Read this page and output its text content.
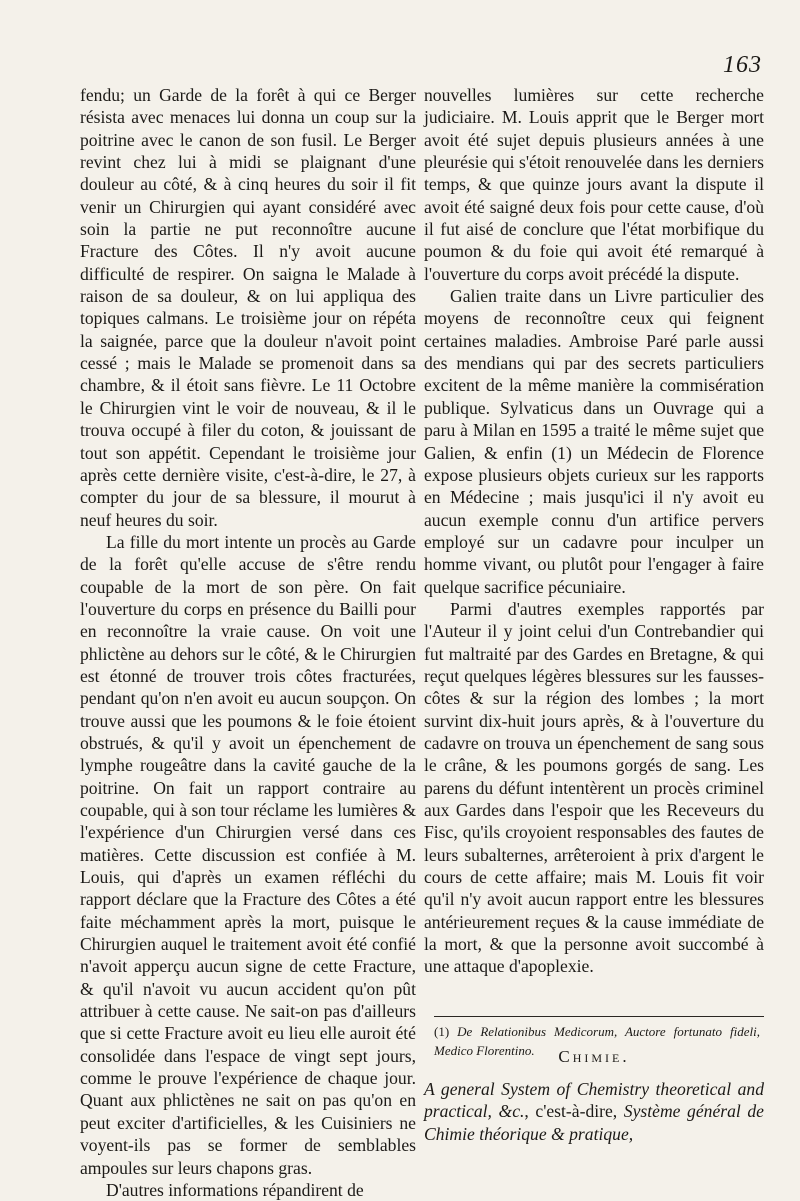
163

fendu; un Garde de la forêt à qui ce Berger résista avec menaces lui donna un coup sur la poitrine avec le canon de son fusil. Le Berger revint chez lui à midi se plaignant d'une douleur au côté, & à cinq heures du soir il fit venir un Chirurgien qui ayant considéré avec soin la partie ne put reconnoître aucune Fracture des Côtes. Il n'y avoit aucune difficulté de respirer. On saigna le Malade à raison de sa douleur, & on lui appliqua des topiques calmans. Le troisième jour on répéta la saignée, parce que la douleur n'avoit point cessé ; mais le Malade se promenoit dans sa chambre, & il étoit sans fièvre. Le 11 Octobre le Chirurgien vint le voir de nouveau, & il le trouva occupé à filer du coton, & jouissant de tout son appétit. Cependant le troisième jour après cette dernière visite, c'est-à-dire, le 27, à compter du jour de sa blessure, il mourut à neuf heures du soir.

La fille du mort intente un procès au Garde de la forêt qu'elle accuse de s'être rendu coupable de la mort de son père. On fait l'ouverture du corps en présence du Bailli pour en reconnoître la vraie cause. On voit une phlictène au dehors sur le côté, & le Chirurgien est étonné de trouver trois côtes fracturées, pendant qu'on n'en avoit eu aucun soupçon. On trouve aussi que les poumons & le foie étoient obstrués, & qu'il y avoit un épenchement de lymphe rougeâtre dans la cavité gauche de la poitrine. On fait un rapport contraire au coupable, qui à son tour réclame les lumières & l'expérience d'un Chirurgien versé dans ces matières. Cette discussion est confiée à M. Louis, qui d'après un examen réfléchi du rapport déclare que la Fracture des Côtes a été faite méchamment après la mort, puisque le Chirurgien auquel le traitement avoit été confié n'avoit apperçu aucun signe de cette Fracture, & qu'il n'avoit vu aucun accident qu'on pût attribuer à cette cause. Ne sait-on pas d'ailleurs que si cette Fracture avoit eu lieu elle auroit été consolidée dans l'espace de vingt sept jours, comme le prouve l'expérience de chaque jour. Quant aux phlictènes ne sait on pas qu'on en peut exciter d'artificielles, & les Cuisiniers ne voyent-ils pas se former de semblables ampoules sur leurs chapons gras.

D'autres informations répandirent de

nouvelles lumières sur cette recherche judiciaire. M. Louis apprit que le Berger mort avoit été sujet depuis plusieurs années à une pleurésie qui s'étoit renouvelée dans les derniers temps, & que quinze jours avant la dispute il avoit été saigné deux fois pour cette cause, d'où il fut aisé de conclure que l'état morbifique du poumon & du foie qui avoit été remarqué à l'ouverture du corps avoit précédé la dispute.

Galien traite dans un Livre particulier des moyens de reconnoître ceux qui feignent certaines maladies. Ambroise Paré parle aussi des mendians qui par des secrets particuliers excitent de la même manière la commisération publique. Sylvaticus dans un Ouvrage qui a paru à Milan en 1595 a traité le même sujet que Galien, & enfin (1) un Médecin de Florence expose plusieurs objets curieux sur les rapports en Médecine ; mais jusqu'ici il n'y avoit eu aucun exemple connu d'un artifice pervers employé sur un cadavre pour inculper un homme vivant, ou plutôt pour l'engager à faire quelque sacrifice pécuniaire.

Parmi d'autres exemples rapportés par l'Auteur il y joint celui d'un Contrebandier qui fut maltraité par des Gardes en Bretagne, & qui reçut quelques légères blessures sur les fausses-côtes & sur la région des lombes ; la mort survint dix-huit jours après, & à l'ouverture du cadavre on trouva un épenchement de sang sous le crâne, & les poumons gorgés de sang. Les parens du défunt intentèrent un procès criminel aux Gardes dans l'espoir que les Receveurs du Fisc, qu'ils croyoient responsables des fautes de leurs subalternes, arrêteroient à prix d'argent le cours de cette affaire; mais M. Louis fit voir qu'il n'y avoit aucun rapport entre les blessures antérieurement reçues & la cause immédiate de la mort, & que la personne avoit succombé à une attaque d'apoplexie.

Chimie.

A general System of Chemistry theoretical and practical, &c., c'est-à-dire, Système général de Chimie théorique & pratique,

(1) De Relationibus Medicorum, Auctore fortunato fideli, Medico Florentino.
